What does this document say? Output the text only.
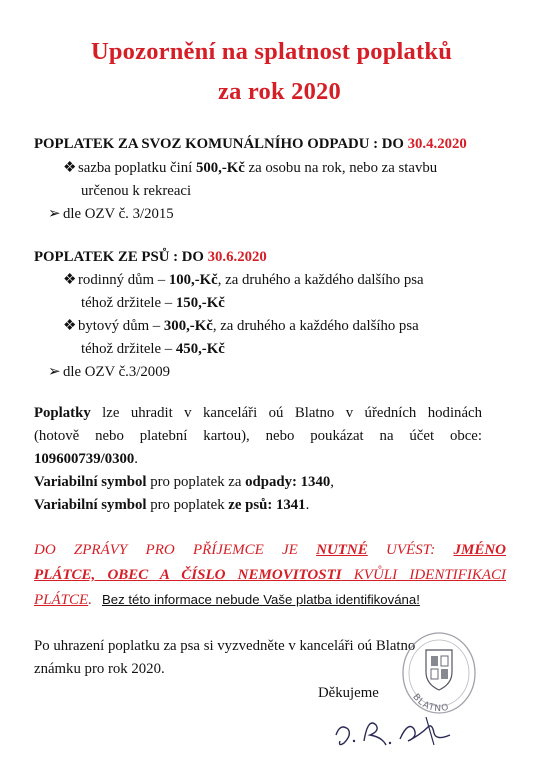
Upozornění na splatnost poplatků
za rok 2020
POPLATEK ZA SVOZ KOMUNÁLNÍHO ODPADU : DO 30.4.2020
❖ sazba poplatku činí 500,-Kč za osobu na rok, nebo za stavbu
určenou k rekreaci
➢ dle OZV č. 3/2015
POPLATEK ZE PSŮ : DO 30.6.2020
❖ rodinný dům – 100,-Kč, za druhého a každého dalšího psa
téhož držitele – 150,-Kč
❖ bytový dům – 300,-Kč, za druhého a každého dalšího psa
téhož držitele – 450,-Kč
➢ dle OZV č.3/2009
Poplatky lze uhradit v kanceláři oú Blatno v úředních hodinách
(hotově nebo platební kartou), nebo poukázat na účet obce:
109600739/0300.
Variabilní symbol pro poplatek za odpady: 1340,
Variabilní symbol pro poplatek ze psů: 1341.
DO ZPRÁVY PRO PŘÍJEMCE JE NUTNÉ UVÉST: JMÉNO
PLÁTCE, OBEC A ČÍSLO NEMOVITOSTI KVŮLI IDENTIFIKACI
PLÁTCE. Bez této informace nebude Vaše platba identifikována!
Po uhrazení poplatku za psa si vyzvedněte v kanceláři oú Blatno
známku pro rok 2020.
Děkujeme	BLATNO
